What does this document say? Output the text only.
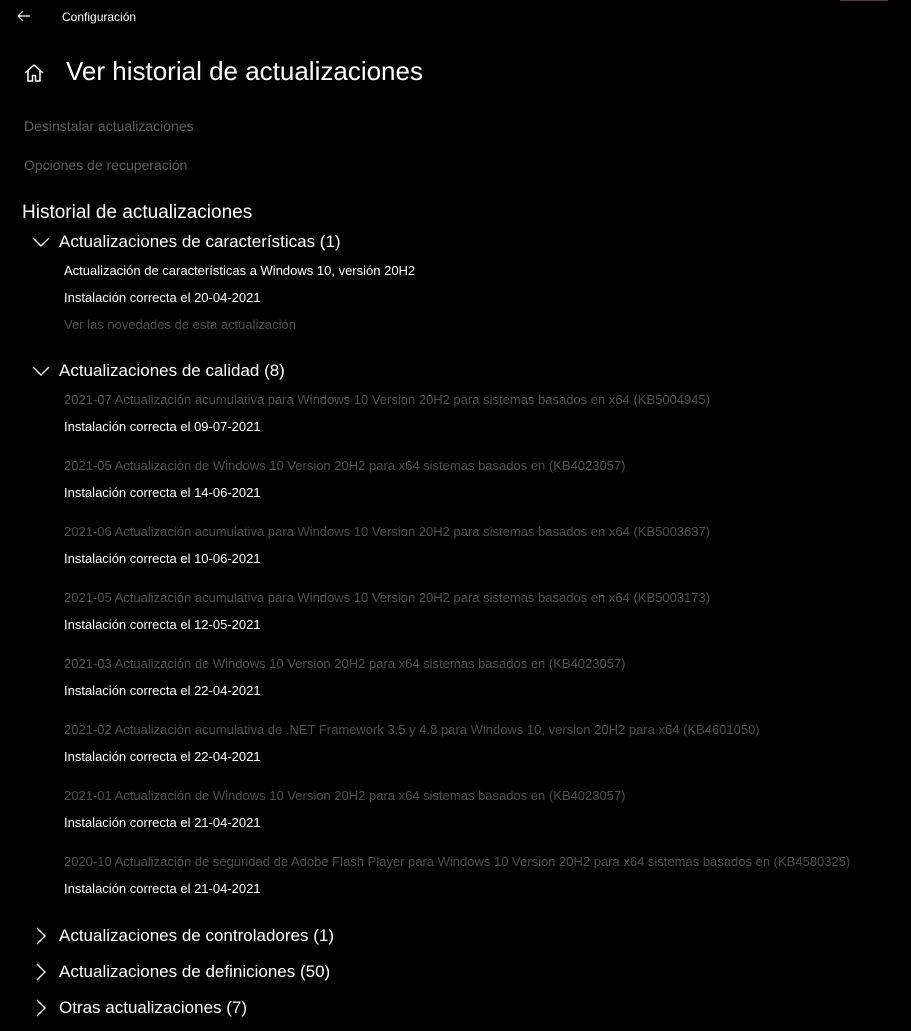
Configuración
Ver historial de actualizaciones
Desinstalar actualizaciones
Opciones de recuperación
Historial de actualizaciones
Actualizaciones de características (1)
Actualización de características a Windows 10, versión 20H2
Instalación correcta el 20-04-2021
Ver las novedades de esta actualización
Actualizaciones de calidad (8)
2021-07 Actualización acumulativa para Windows 10 Version 20H2 para sistemas basados en x64 (KB5004945)
Instalación correcta el 09-07-2021
2021-05 Actualización de Windows 10 Version 20H2 para x64 sistemas basados en (KB4023057)
Instalación correcta el 14-06-2021
2021-06 Actualización acumulativa para Windows 10 Version 20H2 para sistemas basados en x64 (KB5003637)
Instalación correcta el 10-06-2021
2021-05 Actualización acumulativa para Windows 10 Version 20H2 para sistemas basados en x64 (KB5003173)
Instalación correcta el 12-05-2021
2021-03 Actualización de Windows 10 Version 20H2 para x64 sistemas basados en (KB4023057)
Instalación correcta el 22-04-2021
2021-02 Actualización acumulativa de .NET Framework 3.5 y 4.8 para Windows 10, version 20H2 para x64 (KB4601050)
Instalación correcta el 22-04-2021
2021-01 Actualización de Windows 10 Version 20H2 para x64 sistemas basados en (KB4023057)
Instalación correcta el 21-04-2021
2020-10 Actualización de seguridad de Adobe Flash Player para Windows 10 Version 20H2 para x64 sistemas basados en (KB4580325)
Instalación correcta el 21-04-2021
Actualizaciones de controladores (1)
Actualizaciones de definiciones (50)
Otras actualizaciones (7)
